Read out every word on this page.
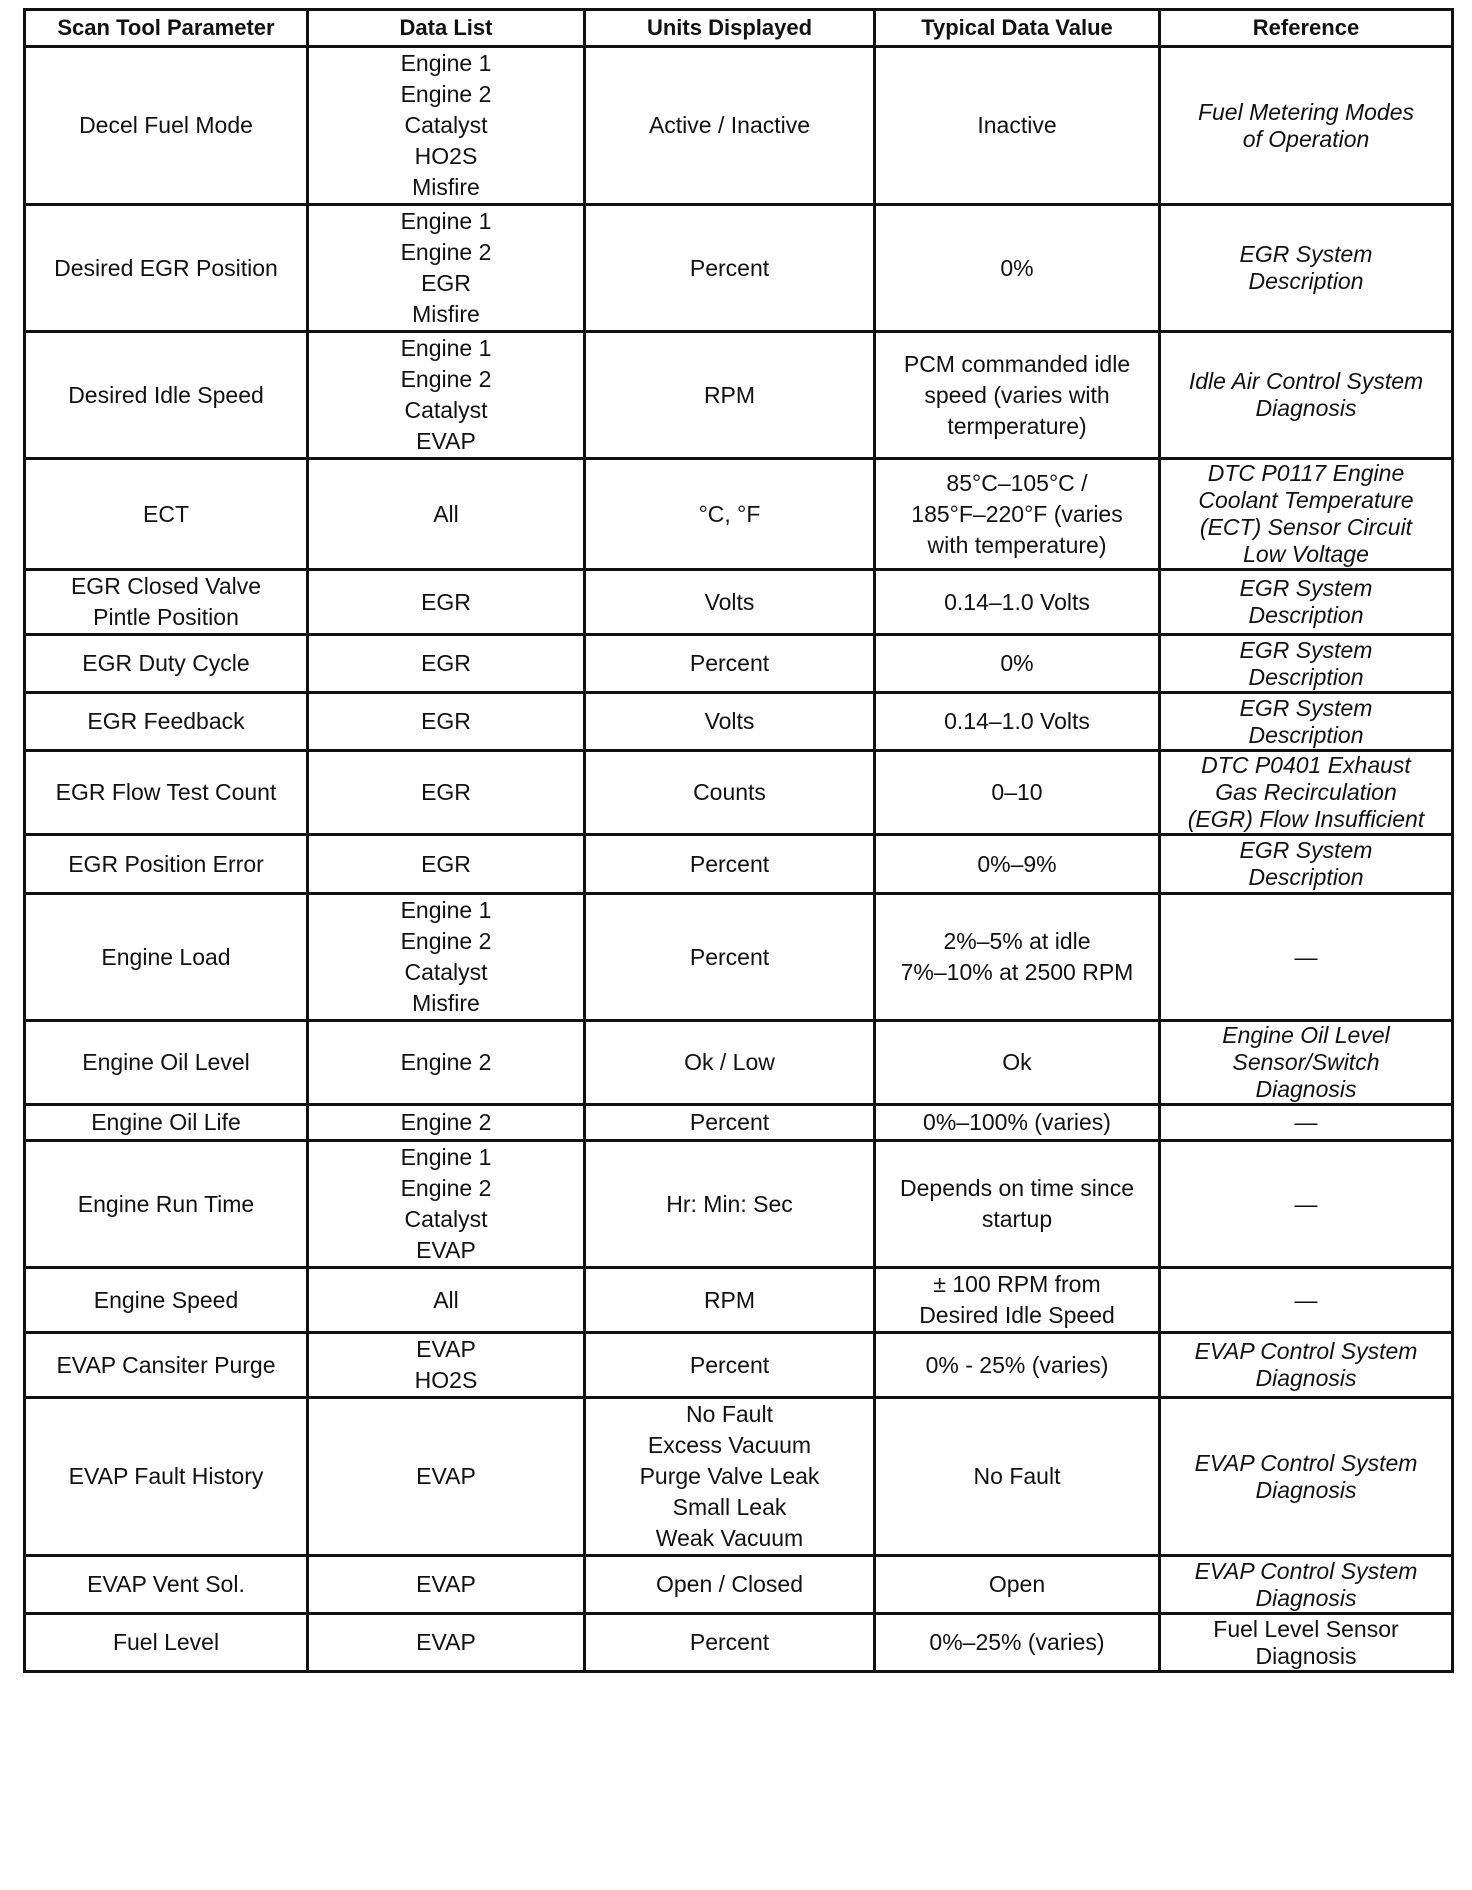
Scan Tool Parameter	Data List	Units Displayed	Typical Data Value	Reference

Decel Fuel Mode	Engine 1
Engine 2
Catalyst
HO2S
Misfire	Active / Inactive	Inactive	Fuel Metering Modes
of Operation

Desired EGR Position	Engine 1
Engine 2
EGR
Misfire	Percent	0%	EGR System
Description

Desired Idle Speed	Engine 1
Engine 2
Catalyst
EVAP	RPM	PCM commanded idle
speed (varies with
termperature)	Idle Air Control System
Diagnosis

ECT	All	°C, °F	85°C–105°C /
185°F–220°F (varies
with temperature)	DTC P0117 Engine
Coolant Temperature
(ECT) Sensor Circuit
Low Voltage

EGR Closed Valve
Pintle Position	EGR	Volts	0.14–1.0 Volts	EGR System
Description

EGR Duty Cycle	EGR	Percent	0%	EGR System
Description

EGR Feedback	EGR	Volts	0.14–1.0 Volts	EGR System
Description

EGR Flow Test Count	EGR	Counts	0–10	DTC P0401 Exhaust
Gas Recirculation
(EGR) Flow Insufficient

EGR Position Error	EGR	Percent	0%–9%	EGR System
Description

Engine Load	Engine 1
Engine 2
Catalyst
Misfire	Percent	2%–5% at idle
7%–10% at 2500 RPM	—

Engine Oil Level	Engine 2	Ok / Low	Ok	Engine Oil Level
Sensor/Switch
Diagnosis

Engine Oil Life	Engine 2	Percent	0%–100% (varies)	—

Engine Run Time	Engine 1
Engine 2
Catalyst
EVAP	Hr: Min: Sec	Depends on time since
startup	—

Engine Speed	All	RPM	± 100 RPM from
Desired Idle Speed	—

EVAP Cansiter Purge	EVAP
HO2S	Percent	0% - 25% (varies)	EVAP Control System
Diagnosis

EVAP Fault History	EVAP	No Fault
Excess Vacuum
Purge Valve Leak
Small Leak
Weak Vacuum	No Fault	EVAP Control System
Diagnosis

EVAP Vent Sol.	EVAP	Open / Closed	Open	EVAP Control System
Diagnosis

Fuel Level	EVAP	Percent	0%–25% (varies)	Fuel Level Sensor
Diagnosis
